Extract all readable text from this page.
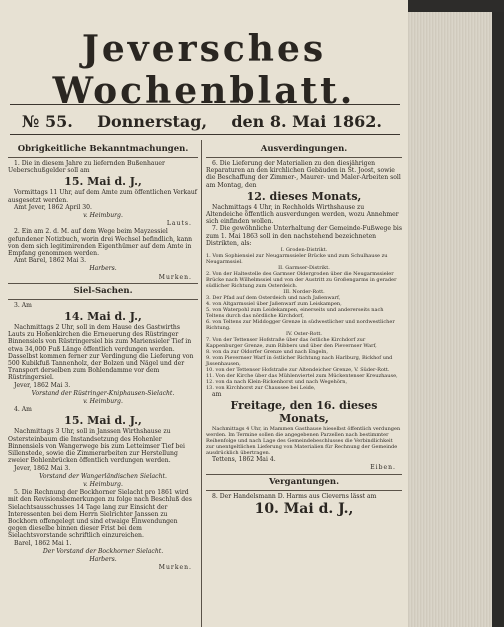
Jeversches Wochenblatt.
№ 55. Donnerstag, den 8. Mai 1862.
Obrigkeitliche Bekanntmachungen.

1. Die in diesem Jahre zu liefernden Bußenhauer Ueberschußgelder soll am

15. Mai d. J.,

Vormittags 11 Uhr, auf dem Amte zum öffentlichen Verkauf ausgesetzt werden.

Amt Jever, 1862 April 30.

v. Heimburg.
Lauts.

2. Ein am 2. d. M. auf dem Wege beim Mayzessiel gefundener Notizbuch, worin drei Wechsel befindlich, kann von dem sich legitimirenden Eigenthümer auf dem Amte in Empfang genommen werden.

Amt Barel, 1862 Mai 3.

Harbers.
Murken.
Siel-Sachen.

3. Am

14. Mai d. J.,

Nachmittags 2 Uhr, soll in dem Hause des Gastwirths Lauts zu Hohenkirchen die Erneuerung des Rüstringer Binnensiels von Rüstringersiel bis zum Mariensieler Tief in etwa 34,000 Fuß Länge öffentlich verdungen werden. Dasselbst kommen ferner zur Verdingung die Lieferung von 500 Kubikfuß Tannenholz, der Bolzen und Nägel und der Transport derselben zum Bohlendamme vor dem Rüstringersiel.

Jever, 1862 Mai 3.

Vorstand der Rüstringer-Kniphausen-Sielacht.
v. Heimburg.

4. Am

15. Mai d. J.,

Nachmittags 3 Uhr, soll in Janssen Wirthshause zu Ostersteinbaum die Instandsetzung des Hohenler Binnensiels von Wangerwege bis zum Letteimser Tief bei Sillenstede, sowie die Zimmerarbeiten zur Herstellung zweier Bohlenbrücken öffentlich verdungen werden.

Jever, 1862 Mai 3.

Vorstand der Wangerländischen Sielacht.
v. Heimburg.

5. Die Rechnung der Bockhorner Sielacht pro 1861 wird mit den Revisionsbemerkungen zu folge nach Beschluß des Sielachtsausschusses 14 Tage lang zur Einsicht der Interessenten bei dem Herrn Sielrichter Janssen zu Bockhorn offengelegt und sind etwaige Einwendungen gegen dieselbe binnen dieser Frist bei dem Sielachtsvorstande schriftlich einzureichen.

Barel, 1862 Mai 1.

Der Vorstand der Bockhorner Sielacht.
Harbers.
Murken.
Ausverdingungen.

6. Die Lieferung der Materialien zu den diesjährigen Reparaturen an den kirchlichen Gebäuden in St. Joost, sowie die Beschaffung der Zimmer-, Maurer- und Maler-Arbeiten soll am Montag, den

12. dieses Monats,

Nachmittags 4 Uhr, in Rechholds Wirthshause zu Altendeiche öffentlich ausverdungen werden, wozu Annehmer sich einfinden wollen.

7. Die gewöhnliche Unterhaltung der Gemeinde-Fußwege bis zum 1. Mai 1863 soll in den nachstehend bezeichneten Distrikten, als:

I. Groden-Distrikt.
1. Vom Sophiensiel zur Neugarmssieler Brücke und zum Schulhause zu Neugarmssiel.
II. Garmser-Distrikt.
2. Von der Haltestelle des Garmser Oldergroden über die Neugarmssieler Brücke nach Wilhelmssiel und von der Austritt zu Großengarms in gerader südlicher Richtung zum Osterdeich.
III. Norder-Rott.
3. Der Pfad auf dem Osterdeich und nach Jaßenwarf,
4. von Altgarmssiel über Jaßenwarf zum Leiskampen,
5. von Waterpohl zum Leidekampen, einerseits und andererseits nach Teltens durch das nördliche Kirchdorf,
6. von Teltens zur Middogger Grenze in südwestlicher und nordwestlicher Richtung.
IV. Oster-Rott.
7. Von der Tettenser Hofstraße über das östliche Kirchdorf zur Kappenburger Grenze, zum Ribbers und über den Pievernser Warf,
8. von da zur Oldorfer Grenze und nach Engeln,
9. vom Pievernser Warf in östlicher Richtung nach Harlburg, Bickhof und Jissenhausen,
10. von der Tettenser Hofstraße zur Altendeicher Grenze, V. Süder-Rott.
11. Von der Kirche über das Mühlenviertel zum Mückentenser Kreuzhause,
12. von da nach Klein-Rickenhorst und nach Wegehörn,
13. von Kirchhorst zur Chaussee bei Leide,

am

Freitage, den 16. dieses Monats,

Nachmittags 4 Uhr, in Mammen Gasthause hieselbst öffentlich verdungen werden. Im Termine sollen die angegebenen Parzellen nach bestimmter Reihenfolge und nach Lage des Gemeindebeschlusses die Verbindlichkeit zur unentgeltlichen Lieferung von Materialien für Rechnung der Gemeinde ausdrücklich übertragen.

Tettens, 1862 Mai 4.

Eiben.
Vergantungen.

8. Der Handelsmann D. Harms aus Cleverns lässt am

10. Mai d. J.,
